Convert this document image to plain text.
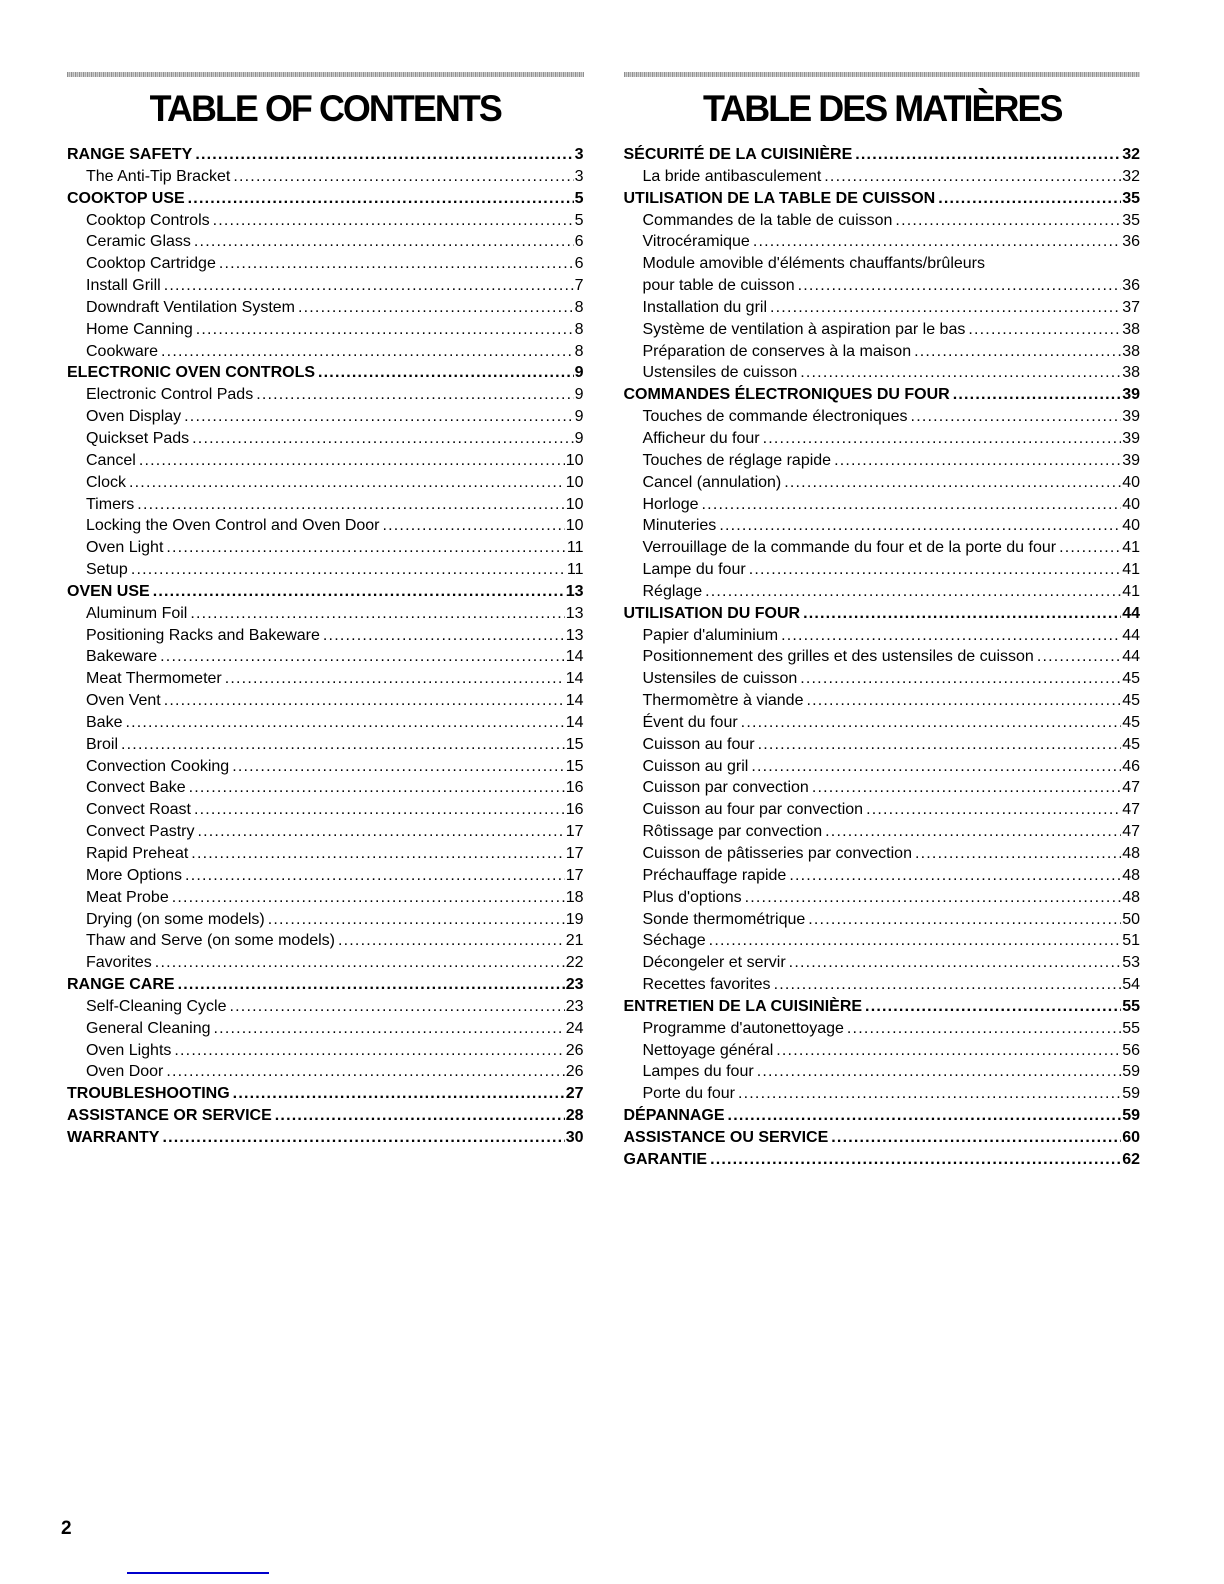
TABLE OF CONTENTS
RANGE SAFETY .....	3
The Anti-Tip Bracket .....	3
COOKTOP USE .....	5
Cooktop Controls .....	5
Ceramic Glass .....	6
Cooktop Cartridge .....	6
Install Grill .....	7
Downdraft Ventilation System .....	8
Home Canning .....	8
Cookware .....	8
ELECTRONIC OVEN CONTROLS .....	9
Electronic Control Pads .....	9
Oven Display .....	9
Quickset Pads .....	9
Cancel .....	10
Clock .....	10
Timers .....	10
Locking the Oven Control and Oven Door .....	10
Oven Light .....	11
Setup .....	11
OVEN USE .....	13
Aluminum Foil .....	13
Positioning Racks and Bakeware .....	13
Bakeware .....	14
Meat Thermometer .....	14
Oven Vent .....	14
Bake .....	14
Broil .....	15
Convection Cooking .....	15
Convect Bake .....	16
Convect Roast .....	16
Convect Pastry .....	17
Rapid Preheat .....	17
More Options .....	17
Meat Probe .....	18
Drying (on some models) .....	19
Thaw and Serve (on some models) .....	21
Favorites .....	22
RANGE CARE .....	23
Self-Cleaning Cycle .....	23
General Cleaning .....	24
Oven Lights .....	26
Oven Door .....	26
TROUBLESHOOTING .....	27
ASSISTANCE OR SERVICE .....	28
WARRANTY .....	30
TABLE DES MATIÈRES
SÉCURITÉ DE LA CUISINIÈRE .....	32
La bride antibasculement .....	32
UTILISATION DE LA TABLE DE CUISSON .....	35
Commandes de la table de cuisson .....	35
Vitrocéramique .....	36
Module amovible d'éléments chauffants/brûleurs
pour table de cuisson .....	36
Installation du gril .....	37
Système de ventilation à aspiration par le bas .....	38
Préparation de conserves à la maison .....	38
Ustensiles de cuisson .....	38
COMMANDES ÉLECTRONIQUES DU FOUR .....	39
Touches de commande électroniques .....	39
Afficheur du four .....	39
Touches de réglage rapide .....	39
Cancel (annulation) .....	40
Horloge .....	40
Minuteries .....	40
Verrouillage de la commande du four et de la porte du four .....	41
Lampe du four .....	41
Réglage .....	41
UTILISATION DU FOUR .....	44
Papier d'aluminium .....	44
Positionnement des grilles et des ustensiles de cuisson .....	44
Ustensiles de cuisson .....	45
Thermomètre à viande .....	45
Évent du four .....	45
Cuisson au four .....	45
Cuisson au gril .....	46
Cuisson par convection .....	47
Cuisson au four par convection .....	47
Rôtissage par convection .....	47
Cuisson de pâtisseries par convection .....	48
Préchauffage rapide .....	48
Plus d'options .....	48
Sonde thermométrique .....	50
Séchage .....	51
Décongeler et servir .....	53
Recettes favorites .....	54
ENTRETIEN DE LA CUISINIÈRE .....	55
Programme d'autonettoyage .....	55
Nettoyage général .....	56
Lampes du four .....	59
Porte du four .....	59
DÉPANNAGE .....	59
ASSISTANCE OU SERVICE .....	60
GARANTIE .....	62
2
